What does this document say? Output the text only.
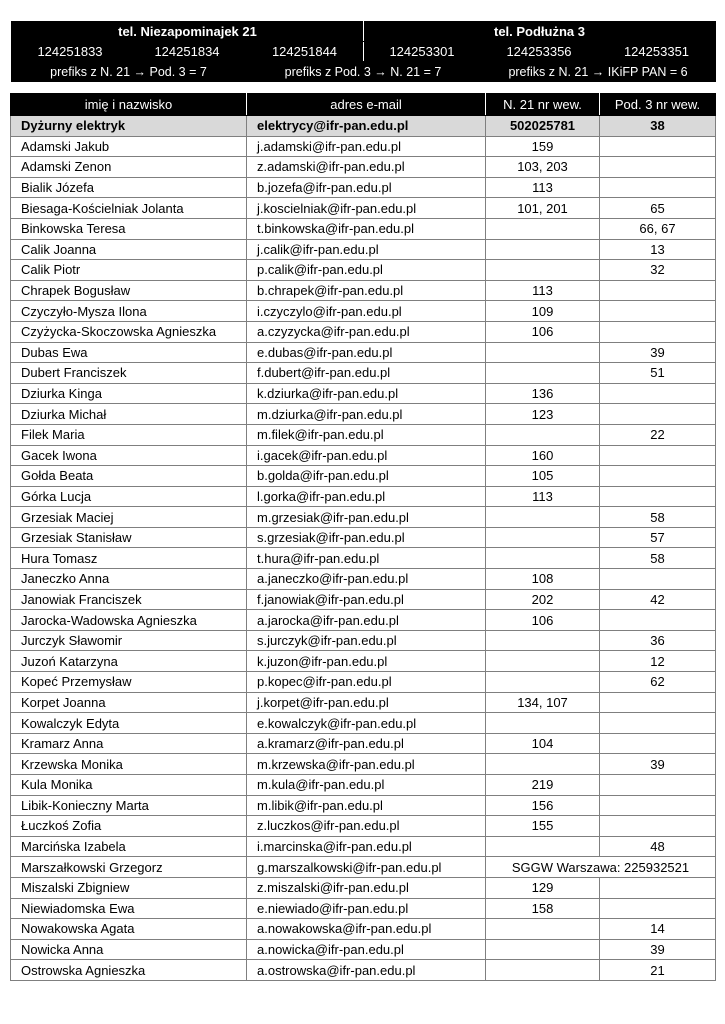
tel. Niezapominajek 21			tel. Podłużna 3		
124251833	124251834	124251844	124253301	124253356	124253351
prefiks z N. 21 → Pod. 3 = 7		prefiks z Pod. 3 → N. 21 = 7		prefiks z N. 21 → IKiFP PAN = 6	
imię i nazwisko	adres e-mail	N. 21 nr wew.	Pod. 3 nr wew.
Dyżurny elektryk	elektrycy@ifr-pan.edu.pl	502025781	38
Adamski Jakub	j.adamski@ifr-pan.edu.pl	159	
Adamski Zenon	z.adamski@ifr-pan.edu.pl	103, 203	
Bialik Józefa	b.jozefa@ifr-pan.edu.pl	113	
Biesaga-Kościelniak Jolanta	j.koscielniak@ifr-pan.edu.pl	101, 201	65
Binkowska Teresa	t.binkowska@ifr-pan.edu.pl		66, 67
Calik Joanna	j.calik@ifr-pan.edu.pl		13
Calik Piotr	p.calik@ifr-pan.edu.pl		32
Chrapek Bogusław	b.chrapek@ifr-pan.edu.pl	113	
Czyczyło-Mysza Ilona	i.czyczylo@ifr-pan.edu.pl	109	
Czyżycka-Skoczowska Agnieszka	a.czyzycka@ifr-pan.edu.pl	106	
Dubas Ewa	e.dubas@ifr-pan.edu.pl		39
Dubert Franciszek	f.dubert@ifr-pan.edu.pl		51
Dziurka Kinga	k.dziurka@ifr-pan.edu.pl	136	
Dziurka Michał	m.dziurka@ifr-pan.edu.pl	123	
Filek Maria	m.filek@ifr-pan.edu.pl		22
Gacek Iwona	i.gacek@ifr-pan.edu.pl	160	
Gołda Beata	b.golda@ifr-pan.edu.pl	105	
Górka Lucja	l.gorka@ifr-pan.edu.pl	113	
Grzesiak Maciej	m.grzesiak@ifr-pan.edu.pl		58
Grzesiak Stanisław	s.grzesiak@ifr-pan.edu.pl		57
Hura Tomasz	t.hura@ifr-pan.edu.pl		58
Janeczko Anna	a.janeczko@ifr-pan.edu.pl	108	
Janowiak Franciszek	f.janowiak@ifr-pan.edu.pl	202	42
Jarocka-Wadowska Agnieszka	a.jarocka@ifr-pan.edu.pl	106	
Jurczyk Sławomir	s.jurczyk@ifr-pan.edu.pl		36
Juzoń Katarzyna	k.juzon@ifr-pan.edu.pl		12
Kopeć Przemysław	p.kopec@ifr-pan.edu.pl		62
Korpet Joanna	j.korpet@ifr-pan.edu.pl	134, 107	
Kowalczyk Edyta	e.kowalczyk@ifr-pan.edu.pl		
Kramarz Anna	a.kramarz@ifr-pan.edu.pl	104	
Krzewska Monika	m.krzewska@ifr-pan.edu.pl		39
Kula Monika	m.kula@ifr-pan.edu.pl	219	
Libik-Konieczny Marta	m.libik@ifr-pan.edu.pl	156	
Łuczkoś Zofia	z.luczkos@ifr-pan.edu.pl	155	
Marcińska Izabela	i.marcinska@ifr-pan.edu.pl		48
Marszałkowski Grzegorz	g.marszalkowski@ifr-pan.edu.pl	SGGW Warszawa: 225932521	
Miszalski Zbigniew	z.miszalski@ifr-pan.edu.pl	129	
Niewiadomska Ewa	e.niewiado@ifr-pan.edu.pl	158	
Nowakowska Agata	a.nowakowska@ifr-pan.edu.pl		14
Nowicka Anna	a.nowicka@ifr-pan.edu.pl		39
Ostrowska Agnieszka	a.ostrowska@ifr-pan.edu.pl		21
